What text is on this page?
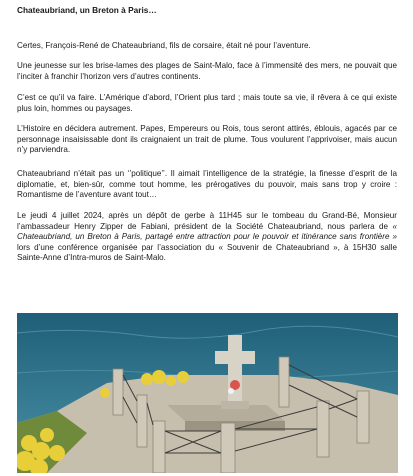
Chateaubriand, un Breton à Paris…

Certes, François-René de Chateaubriand, fils de corsaire, était né pour l’aventure.

Une jeunesse sur les brise-lames des plages de Saint-Malo, face à l’immensité des mers, ne pouvait que l’inciter à franchir l’horizon vers d’autres continents.

C’est ce qu’il va faire. L’Amérique d’abord, l’Orient plus tard ; mais toute sa vie, il rêvera à ce qui existe plus loin, hommes ou paysages.

L’Histoire en décidera autrement. Papes, Empereurs ou Rois, tous seront attirés, éblouis, agacés par ce personnage insaisissable dont ils craignaient un trait de plume. Tous voulurent l’apprivoiser, mais aucun n’y parviendra.

Chateaubriand n’était pas un ‘’politique’’. Il aimait l’intelligence de la stratégie, la finesse d’esprit de la diplomatie, et, bien-sûr, comme tout homme, les prérogatives du pouvoir, mais sans trop y croire : Romantisme de l’aventure avant tout…

Le jeudi 4 juillet 2024, après un dépôt de gerbe à 11H45 sur le tombeau du Grand-Bé, Monsieur l’ambassadeur Henry Zipper de Fabiani, président de la Société Chateaubriand, nous parlera de « Chateaubriand, un Breton à Paris, partagé entre attraction pour le pouvoir et itinérance sans frontière » lors d’une conférence organisée par l’association du « Souvenir de Chateaubriand », à 15H30 salle Sainte-Anne d’Intra-muros de Saint-Malo.
